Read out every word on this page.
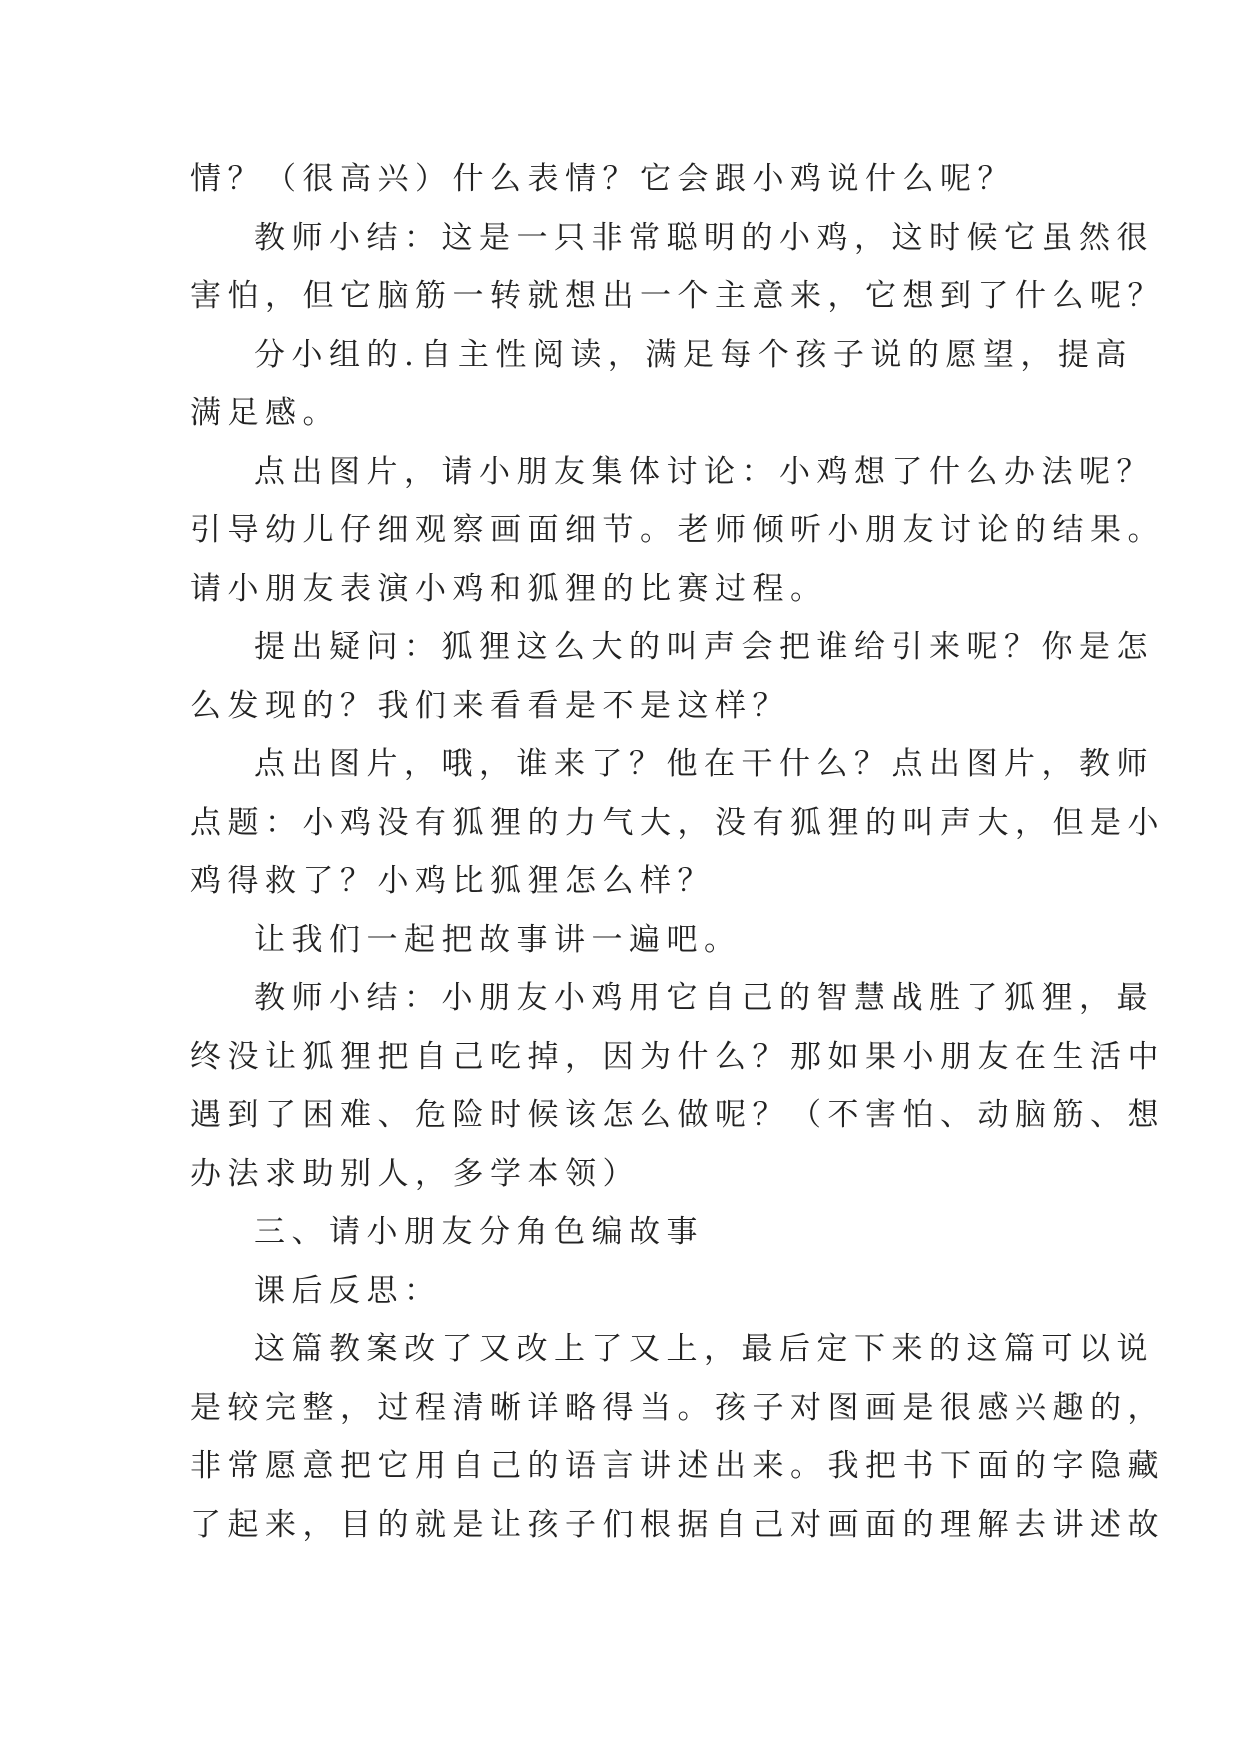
情？（很高兴）什么表情？它会跟小鸡说什么呢？
教师小结：这是一只非常聪明的小鸡，这时候它虽然很
害怕，但它脑筋一转就想出一个主意来，它想到了什么呢？
分小组的.自主性阅读，满足每个孩子说的愿望，提高
满足感。
点出图片，请小朋友集体讨论：小鸡想了什么办法呢？
引导幼儿仔细观察画面细节。老师倾听小朋友讨论的结果。
请小朋友表演小鸡和狐狸的比赛过程。
提出疑问：狐狸这么大的叫声会把谁给引来呢？你是怎
么发现的？我们来看看是不是这样？
点出图片，哦，谁来了？他在干什么？点出图片，教师
点题：小鸡没有狐狸的力气大，没有狐狸的叫声大，但是小
鸡得救了？小鸡比狐狸怎么样？
让我们一起把故事讲一遍吧。
教师小结：小朋友小鸡用它自己的智慧战胜了狐狸，最
终没让狐狸把自己吃掉，因为什么？那如果小朋友在生活中
遇到了困难、危险时候该怎么做呢？（不害怕、动脑筋、想
办法求助别人，多学本领）
三、请小朋友分角色编故事
课后反思：
这篇教案改了又改上了又上，最后定下来的这篇可以说
是较完整，过程清晰详略得当。孩子对图画是很感兴趣的，
非常愿意把它用自己的语言讲述出来。我把书下面的字隐藏
了起来，目的就是让孩子们根据自己对画面的理解去讲述故
